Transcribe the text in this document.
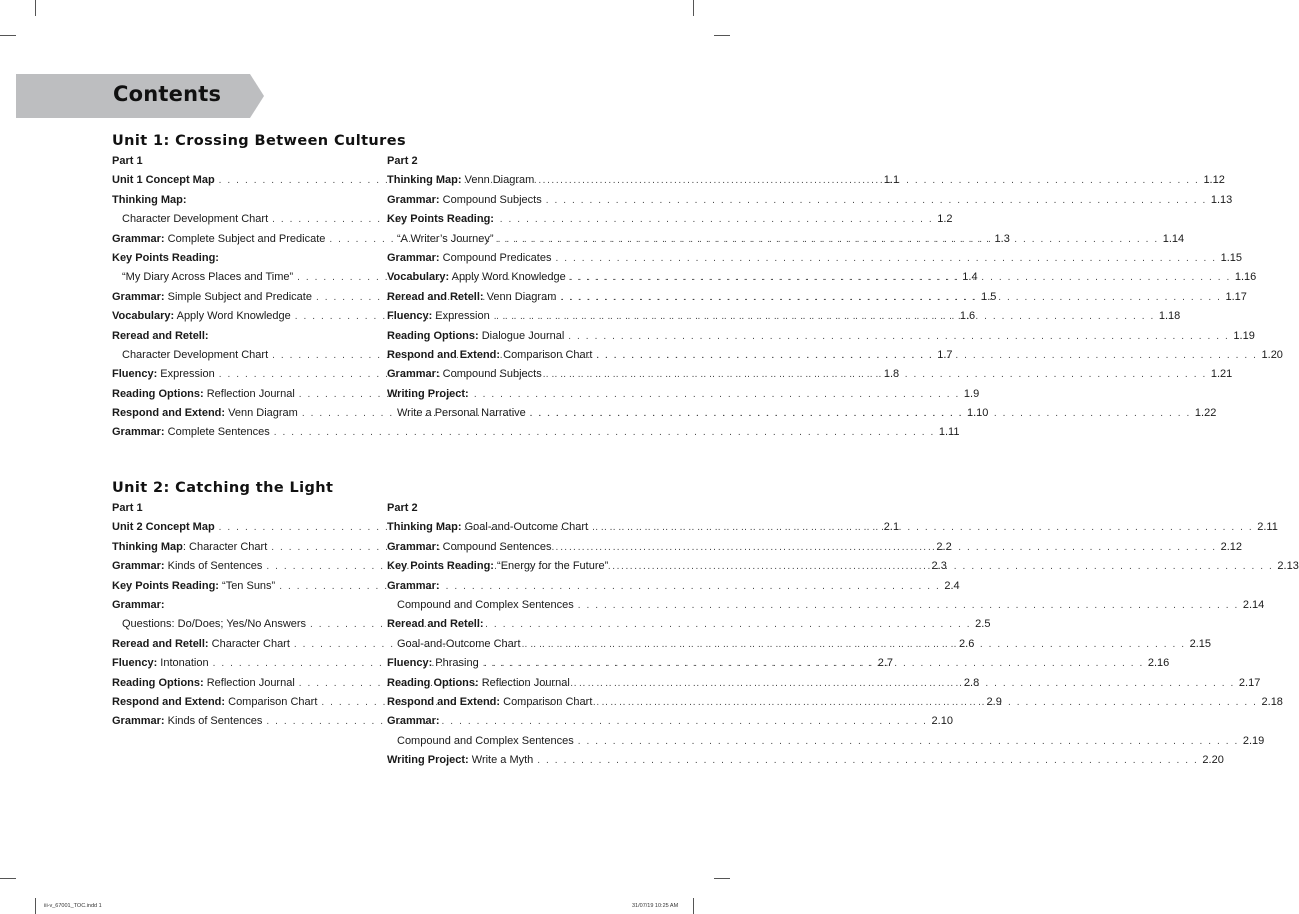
Contents
Unit 1: Crossing Between Cultures
Part 1
Unit 1 Concept Map . . .	1.1
Thinking Map:
Character Development Chart . . .	1.2
Grammar: Complete Subject and Predicate . . .	1.3
Key Points Reading:
“My Diary Across Places and Time” . . .	1.4
Grammar: Simple Subject and Predicate . . .	1.5
Vocabulary: Apply Word Knowledge . . .	1.6
Reread and Retell:
Character Development Chart . . .	1.7
Fluency: Expression . . .	1.8
Reading Options: Reflection Journal . . .	1.9
Respond and Extend: Venn Diagram . . .	1.10
Grammar: Complete Sentences . . .	1.11
Part 2
Thinking Map: Venn Diagram . . .	1.12
Grammar: Compound Subjects . . .	1.13
Key Points Reading:
“A Writer’s Journey” . . .	1.14
Grammar: Compound Predicates . . .	1.15
Vocabulary: Apply Word Knowledge . . .	1.16
Reread and Retell: Venn Diagram . . .	1.17
Fluency: Expression . . .	1.18
Reading Options: Dialogue Journal . . .	1.19
Respond and Extend: Comparison Chart . . .	1.20
Grammar: Compound Subjects . . .	1.21
Writing Project:
Write a Personal Narrative . . .	1.22
Unit 2: Catching the Light
Part 1
Unit 2 Concept Map . . .	2.1
Thinking Map: Character Chart . . .	2.2
Grammar: Kinds of Sentences . . .	2.3
Key Points Reading: “Ten Suns” . . .	2.4
Grammar:
Questions: Do/Does; Yes/No Answers . . .	2.5
Reread and Retell: Character Chart . . .	2.6
Fluency: Intonation . . .	2.7
Reading Options: Reflection Journal . . .	2.8
Respond and Extend: Comparison Chart . . .	2.9
Grammar: Kinds of Sentences . . .	2.10
Part 2
Thinking Map: Goal-and-Outcome Chart . . .	2.11
Grammar: Compound Sentences . . .	2.12
Key Points Reading: “Energy for the Future” . . .	2.13
Grammar:
Compound and Complex Sentences . . .	2.14
Reread and Retell:
Goal-and-Outcome Chart . . .	2.15
Fluency: Phrasing . . .	2.16
Reading Options: Reflection Journal . . .	2.17
Respond and Extend: Comparison Chart . . .	2.18
Grammar:
Compound and Complex Sentences . . .	2.19
Writing Project: Write a Myth . . .	2.20
iii-v_67001_TOC.indd 1	31/07/19 10:25 AM
